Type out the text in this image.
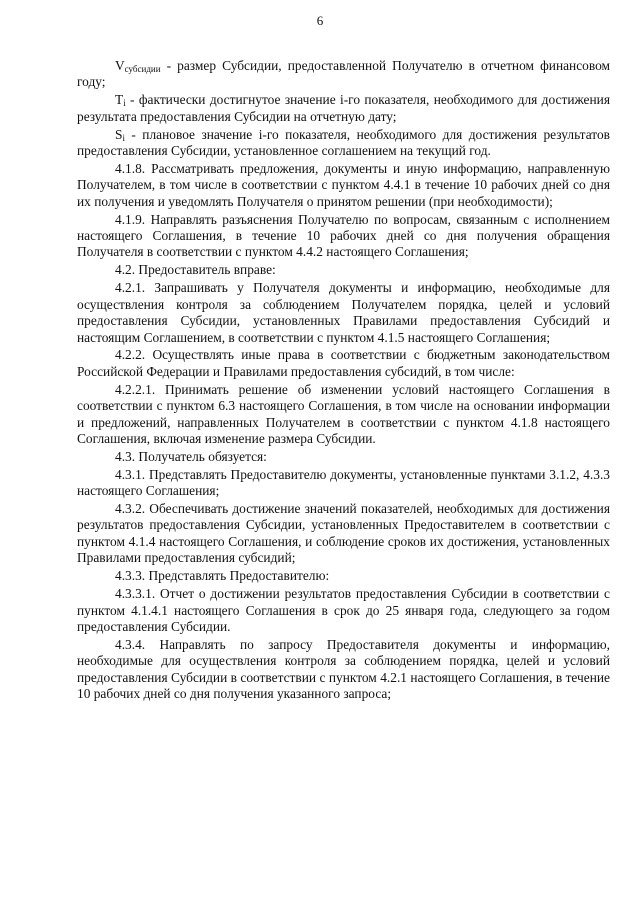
6

$V_{субсидии}$ - размер Субсидии, предоставленной Получателю в отчетном финансовом году;

$T_i$ - фактически достигнутое значение i-го показателя, необходимого для достижения результата предоставления Субсидии на отчетную дату;

$S_i$ - плановое значение i-го показателя, необходимого для достижения результатов предоставления Субсидии, установленное соглашением на текущий год.

4.1.8. Рассматривать предложения, документы и иную информацию, направленную Получателем, в том числе в соответствии с пунктом 4.4.1 в течение 10 рабочих дней со дня их получения и уведомлять Получателя о принятом решении (при необходимости);

4.1.9. Направлять разъяснения Получателю по вопросам, связанным с исполнением настоящего Соглашения, в течение 10 рабочих дней со дня получения обращения Получателя в соответствии с пунктом 4.4.2 настоящего Соглашения;

4.2. Предоставитель вправе:

4.2.1. Запрашивать у Получателя документы и информацию, необходимые для осуществления контроля за соблюдением Получателем порядка, целей и условий предоставления Субсидии, установленных Правилами предоставления Субсидий и настоящим Соглашением, в соответствии с пунктом 4.1.5 настоящего Соглашения;

4.2.2. Осуществлять иные права в соответствии с бюджетным законодательством Российской Федерации и Правилами предоставления субсидий, в том числе:

4.2.2.1. Принимать решение об изменении условий настоящего Соглашения в соответствии с пунктом 6.3 настоящего Соглашения, в том числе на основании информации и предложений, направленных Получателем в соответствии с пунктом 4.1.8 настоящего Соглашения, включая изменение размера Субсидии.

4.3. Получатель обязуется:

4.3.1. Представлять Предоставителю документы, установленные пунктами 3.1.2, 4.3.3 настоящего Соглашения;

4.3.2. Обеспечивать достижение значений показателей, необходимых для достижения результатов предоставления Субсидии, установленных Предоставителем в соответствии с пунктом 4.1.4 настоящего Соглашения, и соблюдение сроков их достижения, установленных Правилами предоставления субсидий;

4.3.3. Представлять Предоставителю:

4.3.3.1. Отчет о достижении результатов предоставления Субсидии в соответствии с пунктом 4.1.4.1 настоящего Соглашения в срок до 25 января года, следующего за годом предоставления Субсидии.

4.3.4. Направлять по запросу Предоставителя документы и информацию, необходимые для осуществления контроля за соблюдением порядка, целей и условий предоставления Субсидии в соответствии с пунктом 4.2.1 настоящего Соглашения, в течение 10 рабочих дней со дня получения указанного запроса;
